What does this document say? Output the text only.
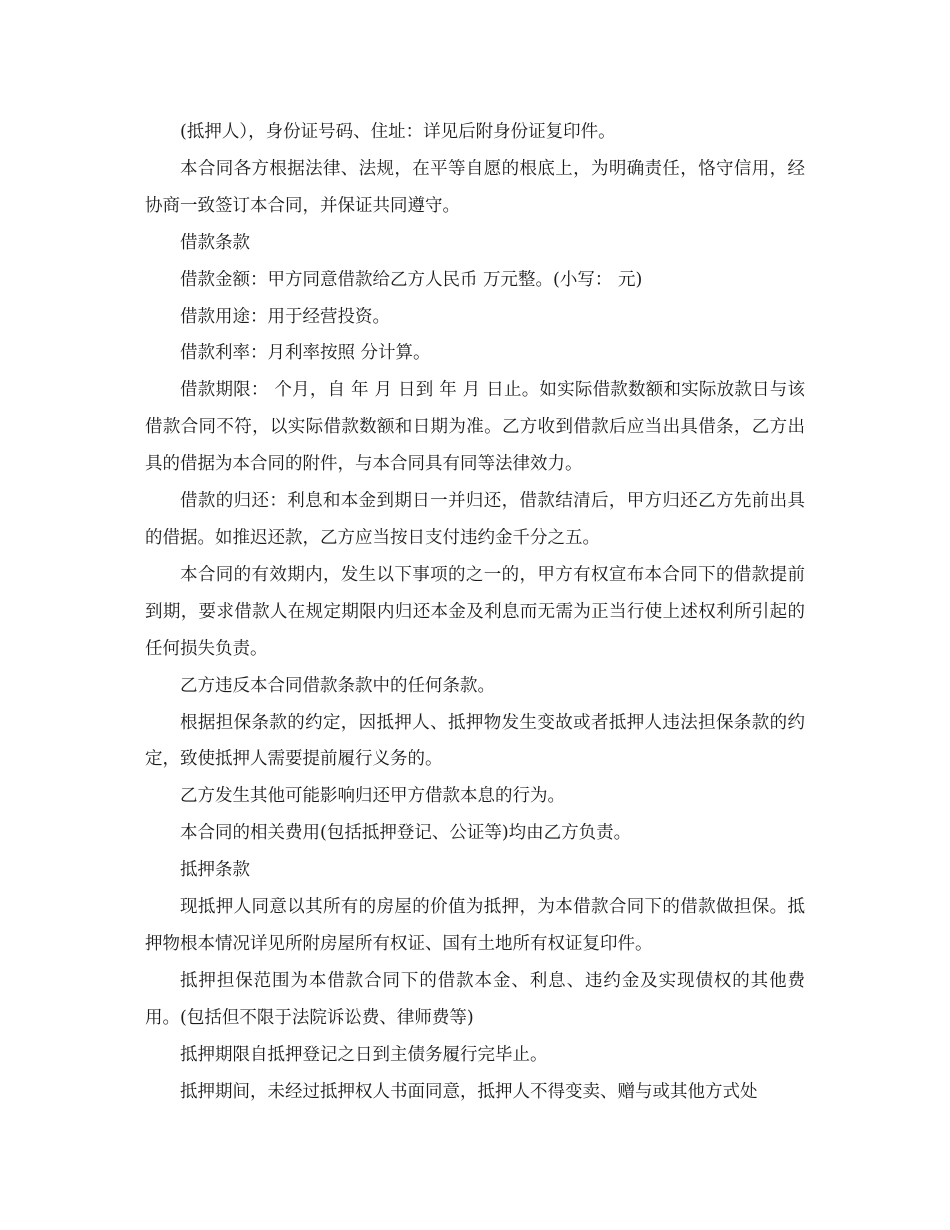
(抵押人），身份证号码、住址：详见后附身份证复印件。

本合同各方根据法律、法规，在平等自愿的根底上，为明确责任，恪守信用，经协商一致签订本合同，并保证共同遵守。

借款条款

借款金额：甲方同意借款给乙方人民币 万元整。(小写： 元)

借款用途：用于经营投资。

借款利率：月利率按照 分计算。

借款期限： 个月，自 年 月 日到 年 月 日止。如实际借款数额和实际放款日与该借款合同不符，以实际借款数额和日期为准。乙方收到借款后应当出具借条，乙方出具的借据为本合同的附件，与本合同具有同等法律效力。

借款的归还：利息和本金到期日一并归还，借款结清后，甲方归还乙方先前出具的借据。如推迟还款，乙方应当按日支付违约金千分之五。

本合同的有效期内，发生以下事项的之一的，甲方有权宣布本合同下的借款提前到期，要求借款人在规定期限内归还本金及利息而无需为正当行使上述权利所引起的任何损失负责。

乙方违反本合同借款条款中的任何条款。

根据担保条款的约定，因抵押人、抵押物发生变故或者抵押人违法担保条款的约定，致使抵押人需要提前履行义务的。

乙方发生其他可能影响归还甲方借款本息的行为。

本合同的相关费用(包括抵押登记、公证等)均由乙方负责。

抵押条款

现抵押人同意以其所有的房屋的价值为抵押，为本借款合同下的借款做担保。抵押物根本情况详见所附房屋所有权证、国有土地所有权证复印件。

抵押担保范围为本借款合同下的借款本金、利息、违约金及实现债权的其他费用。(包括但不限于法院诉讼费、律师费等)

抵押期限自抵押登记之日到主债务履行完毕止。

抵押期间，未经过抵押权人书面同意，抵押人不得变卖、赠与或其他方式处
